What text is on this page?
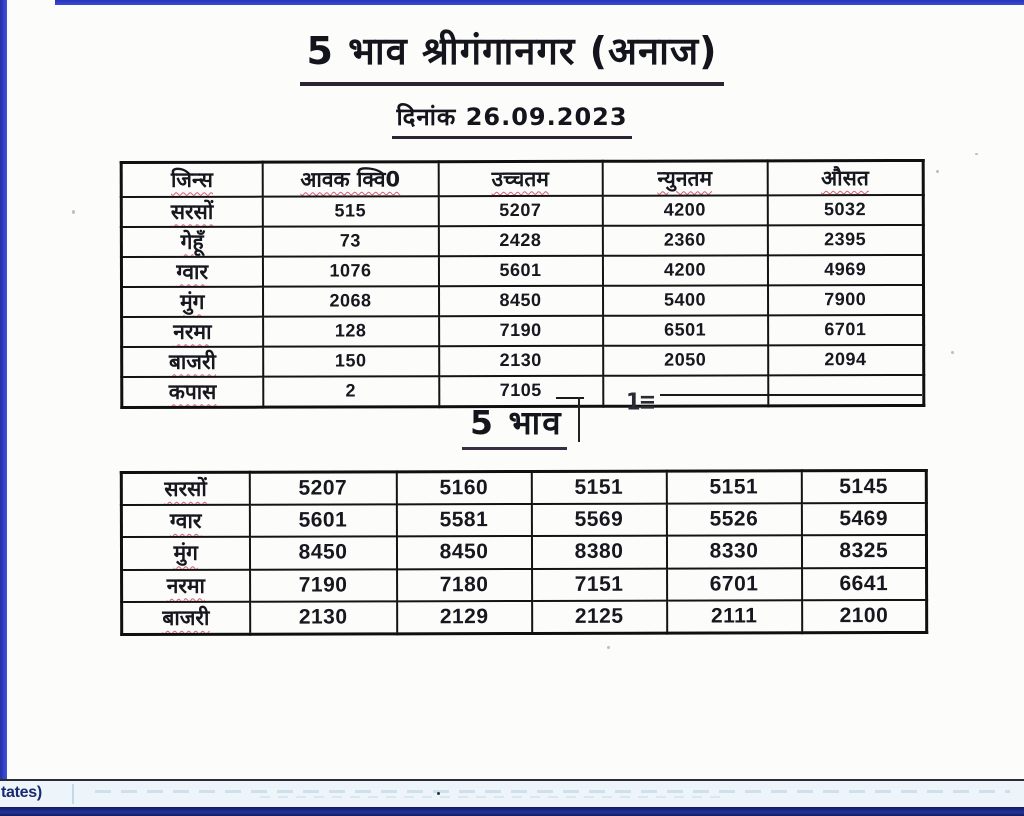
5 भाव श्रीगंगानगर (अनाज)
दिनांक 26.09.2023
जिन्स	आवक क्वि0	उच्चतम	न्युनतम	औसत
सरसों	515	5207	4200	5032
गेहूँ	73	2428	2360	2395
ग्वार	1076	5601	4200	4969
मुंग	2068	8450	5400	7900
नरमा	128	7190	6501	6701
बाजरी	150	2130	2050	2094
कपास	2	7105		
5 भाव
1≡
सरसों	5207	5160	5151	5151	5145
ग्वार	5601	5581	5569	5526	5469
मुंग	8450	8450	8380	8330	8325
नरमा	7190	7180	7151	6701	6641
बाजरी	2130	2129	2125	2111	2100
tates)
